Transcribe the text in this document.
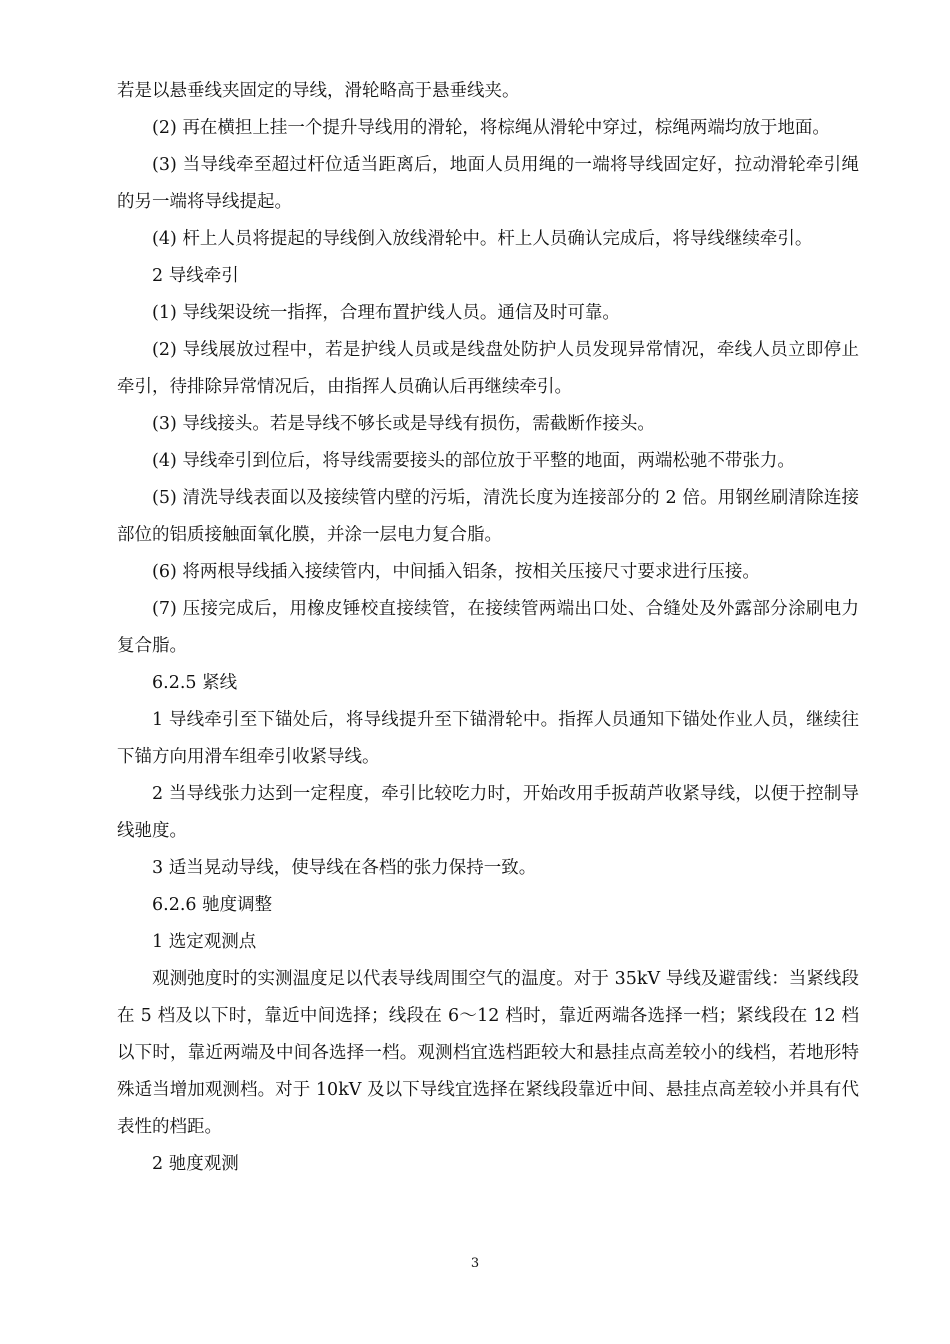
若是以悬垂线夹固定的导线，滑轮略高于悬垂线夹。

(2) 再在横担上挂一个提升导线用的滑轮，将棕绳从滑轮中穿过，棕绳两端均放于地面。

(3) 当导线牵至超过杆位适当距离后，地面人员用绳的一端将导线固定好，拉动滑轮牵引绳的另一端将导线提起。

(4) 杆上人员将提起的导线倒入放线滑轮中。杆上人员确认完成后，将导线继续牵引。

2 导线牵引

(1) 导线架设统一指挥，合理布置护线人员。通信及时可靠。

(2) 导线展放过程中，若是护线人员或是线盘处防护人员发现异常情况，牵线人员立即停止牵引，待排除异常情况后，由指挥人员确认后再继续牵引。

(3) 导线接头。若是导线不够长或是导线有损伤，需截断作接头。

(4) 导线牵引到位后，将导线需要接头的部位放于平整的地面，两端松驰不带张力。

(5) 清洗导线表面以及接续管内壁的污垢，清洗长度为连接部分的 2 倍。用钢丝刷清除连接部位的铝质接触面氧化膜，并涂一层电力复合脂。

(6) 将两根导线插入接续管内，中间插入铝条，按相关压接尺寸要求进行压接。

(7) 压接完成后，用橡皮锤校直接续管，在接续管两端出口处、合缝处及外露部分涂刷电力复合脂。

6.2.5 紧线

1 导线牵引至下锚处后，将导线提升至下锚滑轮中。指挥人员通知下锚处作业人员，继续往下锚方向用滑车组牵引收紧导线。

2 当导线张力达到一定程度，牵引比较吃力时，开始改用手扳葫芦收紧导线，以便于控制导线驰度。

3 适当晃动导线，使导线在各档的张力保持一致。

6.2.6 驰度调整

1 选定观测点

观测弛度时的实测温度足以代表导线周围空气的温度。对于 35kV 导线及避雷线：当紧线段在 5 档及以下时，靠近中间选择；线段在 6～12 档时，靠近两端各选择一档；紧线段在 12 档以下时，靠近两端及中间各选择一档。观测档宜选档距较大和悬挂点高差较小的线档，若地形特殊适当增加观测档。对于 10kV 及以下导线宜选择在紧线段靠近中间、悬挂点高差较小并具有代表性的档距。

2 驰度观测

3
